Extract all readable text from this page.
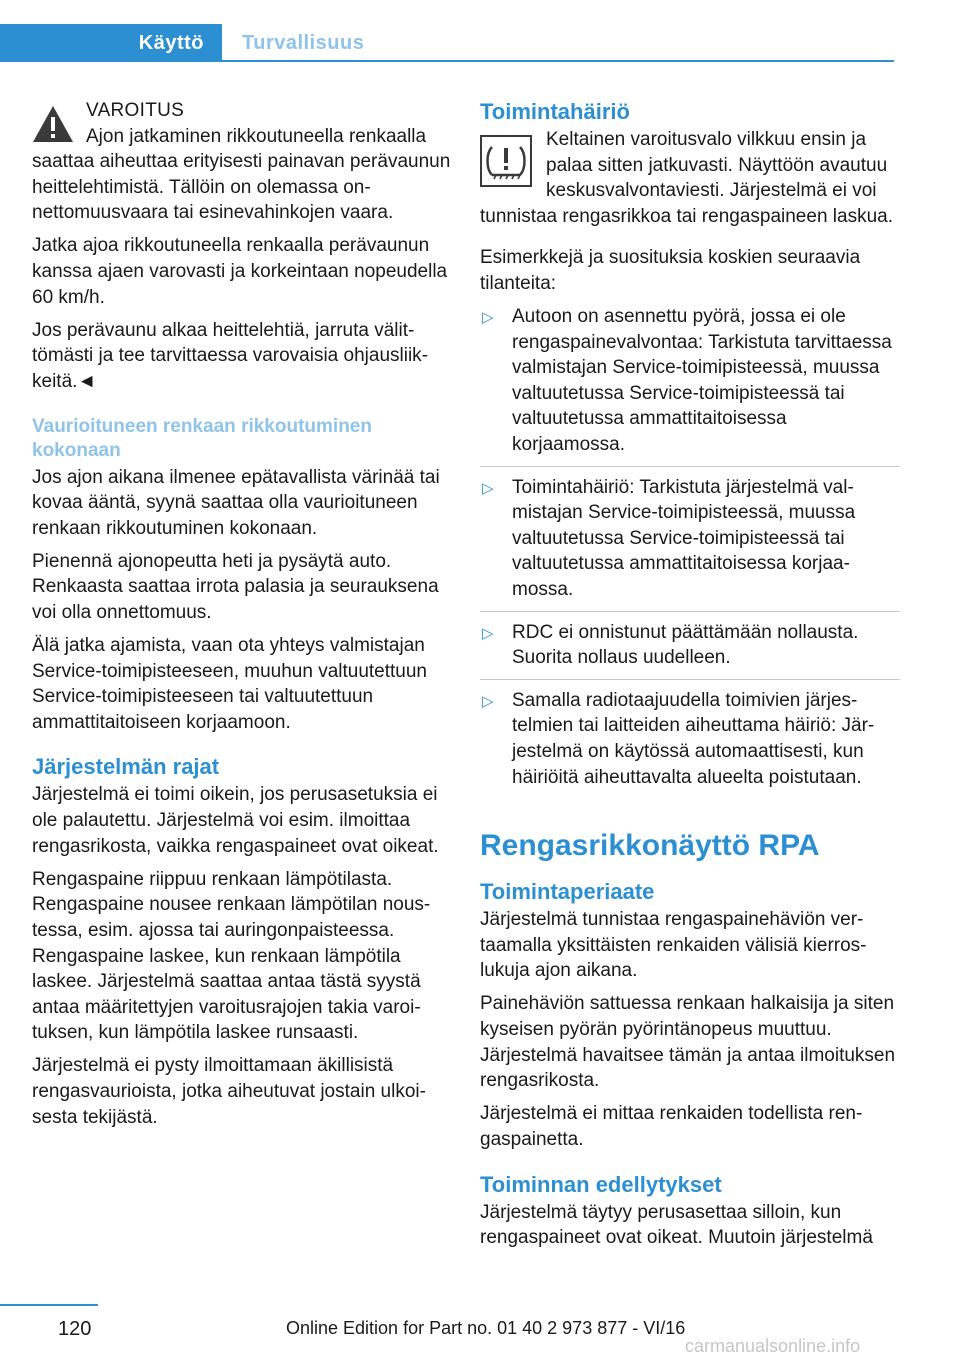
Käyttö	Turvallisuus
VAROITUS

Ajon jatkaminen rikkoutuneella renkaalla saattaa aiheuttaa erityisesti painavan perävaunun heittelehtimistä. Tällöin on olemassa onnettomuusvaara tai esinevahinkojen vaara.

Jatka ajoa rikkoutuneella renkaalla perävaunun kanssa ajaen varovasti ja korkeintaan nopeudella 60 km/h.

Jos perävaunu alkaa heittelehtiä, jarruta välittömästi ja tee tarvittaessa varovaisia ohjausliikkeitä.◄

Vaurioituneen renkaan rikkoutuminen kokonaan

Jos ajon aikana ilmenee epätavallista värinää tai kovaa ääntä, syynä saattaa olla vaurioituneen renkaan rikkoutuminen kokonaan.

Pienennä ajonopeutta heti ja pysäytä auto. Renkaasta saattaa irrota palasia ja seurauksena voi olla onnettomuus.

Älä jatka ajamista, vaan ota yhteys valmistajan Service-toimipisteeseen, muuhun valtuutettuun Service-toimipisteeseen tai valtuutettuun ammattitaitoiseen korjaamoon.

Järjestelmän rajat

Järjestelmä ei toimi oikein, jos perusasetuksia ei ole palautettu. Järjestelmä voi esim. ilmoittaa rengasrikosta, vaikka rengaspaineet ovat oikeat.

Rengaspaine riippuu renkaan lämpötilasta. Rengaspaine nousee renkaan lämpötilan noustessa, esim. ajossa tai auringonpaisteessa. Rengaspaine laskee, kun renkaan lämpötila laskee. Järjestelmä saattaa antaa tästä syystä antaa määritettyjen varoitusrajojen takia varoituksen, kun lämpötila laskee runsaasti.

Järjestelmä ei pysty ilmoittamaan äkillisistä rengasvaurioista, jotka aiheutuvat jostain ulkoisesta tekijästä.

Toimintahäiriö

Keltainen varoitusvalo vilkkuu ensin ja palaa sitten jatkuvasti. Näyttöön avautuu keskusvalvontaviesti. Järjestelmä ei voi tunnistaa rengasrikkoa tai rengaspaineen laskua.

Esimerkkejä ja suosituksia koskien seuraavia tilanteita:

▷ Autoon on asennettu pyörä, jossa ei ole rengaspainevalvontaa: Tarkistuta tarvittaessa valmistajan Service-toimipisteessä, muussa valtuutetussa Service-toimipisteessä tai valtuutetussa ammattitaitoisessa korjaamossa.
▷ Toimintahäiriö: Tarkistuta järjestelmä valmistajan Service-toimipisteessä, muussa valtuutetussa Service-toimipisteessä tai valtuutetussa ammattitaitoisessa korjaamossa.
▷ RDC ei onnistunut päättämään nollausta. Suorita nollaus uudelleen.
▷ Samalla radiotaajuudella toimivien järjestelmien tai laitteiden aiheuttama häiriö: Järjestelmä on käytössä automaattisesti, kun häiriöitä aiheuttavalta alueelta poistutaan.
Rengasrikkonäyttö RPA
Toimintaperiaate

Järjestelmä tunnistaa rengaspainehäviön vertaamalla yksittäisten renkaiden välisiä kierroslukuja ajon aikana.

Painehäviön sattuessa renkaan halkaisija ja siten kyseisen pyörän pyörintänopeus muuttuu. Järjestelmä havaitsee tämän ja antaa ilmoituksen rengasrikosta.

Järjestelmä ei mittaa renkaiden todellista rengaspainetta.

Toiminnan edellytykset

Järjestelmä täytyy perusasettaa silloin, kun rengaspaineet ovat oikeat. Muutoin järjestelmä

120	Online Edition for Part no. 01 40 2 973 877 - VI/16
carmanualsonline.info
